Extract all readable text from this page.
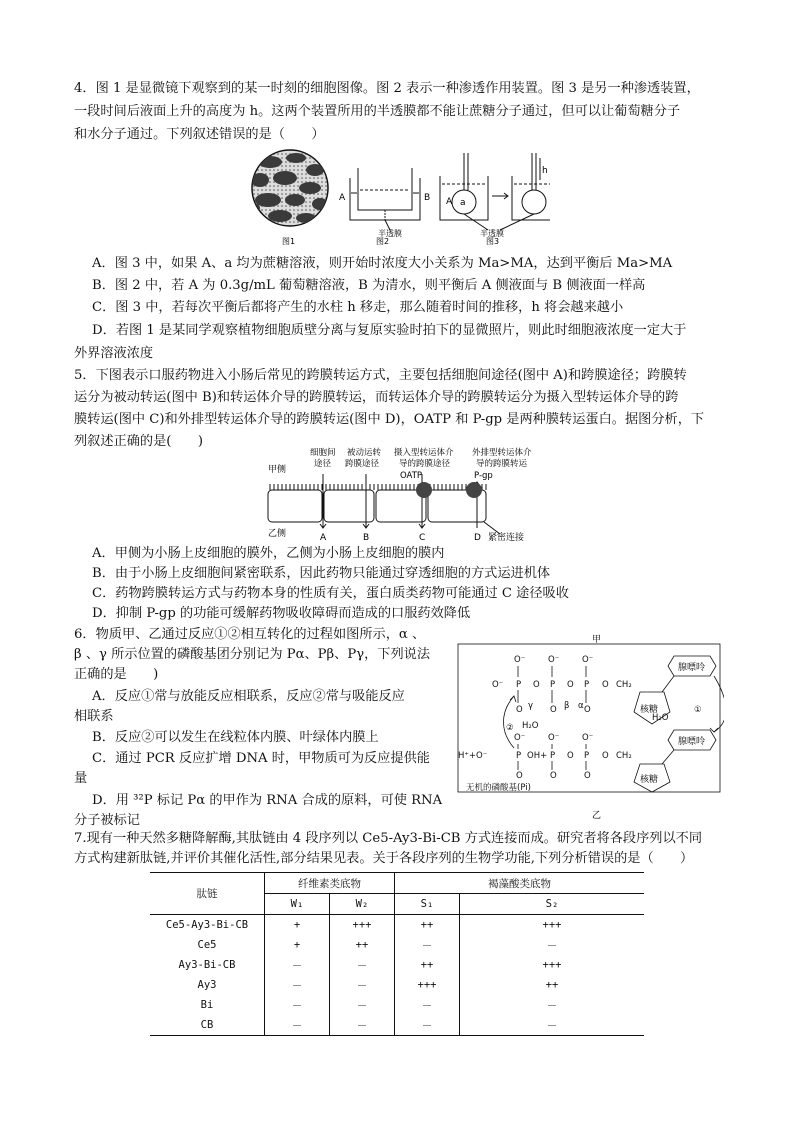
4．图 1 是显微镜下观察到的某一时刻的细胞图像。图 2 表示一种渗透作用装置。图 3 是另一种渗透装置，
一段时间后液面上升的高度为 h。这两个装置所用的半透膜都不能让蔗糖分子通过，但可以让葡萄糖分子
和水分子通过。下列叙述错误的是（　　）
A	B
半透膜
A a
h
半透膜
图1	图2	图3
A．图 3 中，如果 A、a 均为蔗糖溶液，则开始时浓度大小关系为 Ma>MA，达到平衡后 Ma>MA
B．图 2 中，若 A 为 0.3g/mL 葡萄糖溶液，B 为清水，则平衡后 A 侧液面与 B 侧液面一样高
C．图 3 中，若每次平衡后都将产生的水柱 h 移走，那么随着时间的推移，h 将会越来越小
D．若图 1 是某同学观察植物细胞质壁分离与复原实验时拍下的显微照片，则此时细胞液浓度一定大于
外界溶液浓度
5．下图表示口服药物进入小肠后常见的跨膜转运方式，主要包括细胞间途径(图中 A)和跨膜途径；跨膜转
运分为被动转运(图中 B)和转运体介导的跨膜转运，而转运体介导的跨膜转运分为摄入型转运体介导的跨
膜转运(图中 C)和外排型转运体介导的跨膜转运(图中 D)，OATP 和 P-gp 是两种膜转运蛋白。据图分析，下
列叙述正确的是(　　)
细胞间
途径
被动运转
跨膜途径
摄入型转运体介
导的跨膜途径
外排型转运体介
导的跨膜转运
甲侧
乙侧
OATP	P-gp
A	B	C	D 紧密连接
A．甲侧为小肠上皮细胞的膜外，乙侧为小肠上皮细胞的膜内
B．由于小肠上皮细胞间紧密联系，因此药物只能通过穿透细胞的方式运进机体
C．药物跨膜转运方式与药物本身的性质有关，蛋白质类药物可能通过 C 途径吸收
D．抑制 P-gp 的功能可缓解药物吸收障碍而造成的口服药效降低
6．物质甲、乙通过反应①②相互转化的过程如图所示，α 、
β 、γ 所示位置的磷酸基团分别记为 Pα、Pβ、Pγ，下列说法
正确的是　　)
A．反应①常与放能反应相联系，反应②常与吸能反应
相联系
B．反应②可以发生在线粒体内膜、叶绿体内膜上
C．通过 PCR 反应扩增 DNA 时，甲物质可为反应提供能
量
D．用 ³²P 标记 Pα 的甲作为 RNA 合成的原料，可使 RNA
分子被标记
甲
乙
O⁻	O⁻	O⁻
O⁻ P O P O P O CH₂
O	O	O
γ	β α
H₂O
②
O⁻	O⁻	O⁻
H⁺+O⁻	P OH+ P O P O CH₂
O	O	O
无机的磷酸基(Pi)
H₂O
①
腺嘌呤
核糖
腺嘌呤
核糖
7.现有一种天然多糖降解酶,其肽链由 4 段序列以 Ce5-Ay3-Bi-CB 方式连接而成。研究者将各段序列以不同
方式构建新肽链,并评价其催化活性,部分结果见表。关于各段序列的生物学功能,下列分析错误的是（　　）
肽链	纤维素类底物		褐藻酸类底物	
	W₁	W₂	S₁	S₂
Ce5-Ay3-Bi-CB	+	+++	++	+++
Ce5	+	++	－	－
Ay3-Bi-CB	－	－	++	+++
Ay3	－	－	+++	++
Bi	－	－	－	－
CB	－	－	－	－
